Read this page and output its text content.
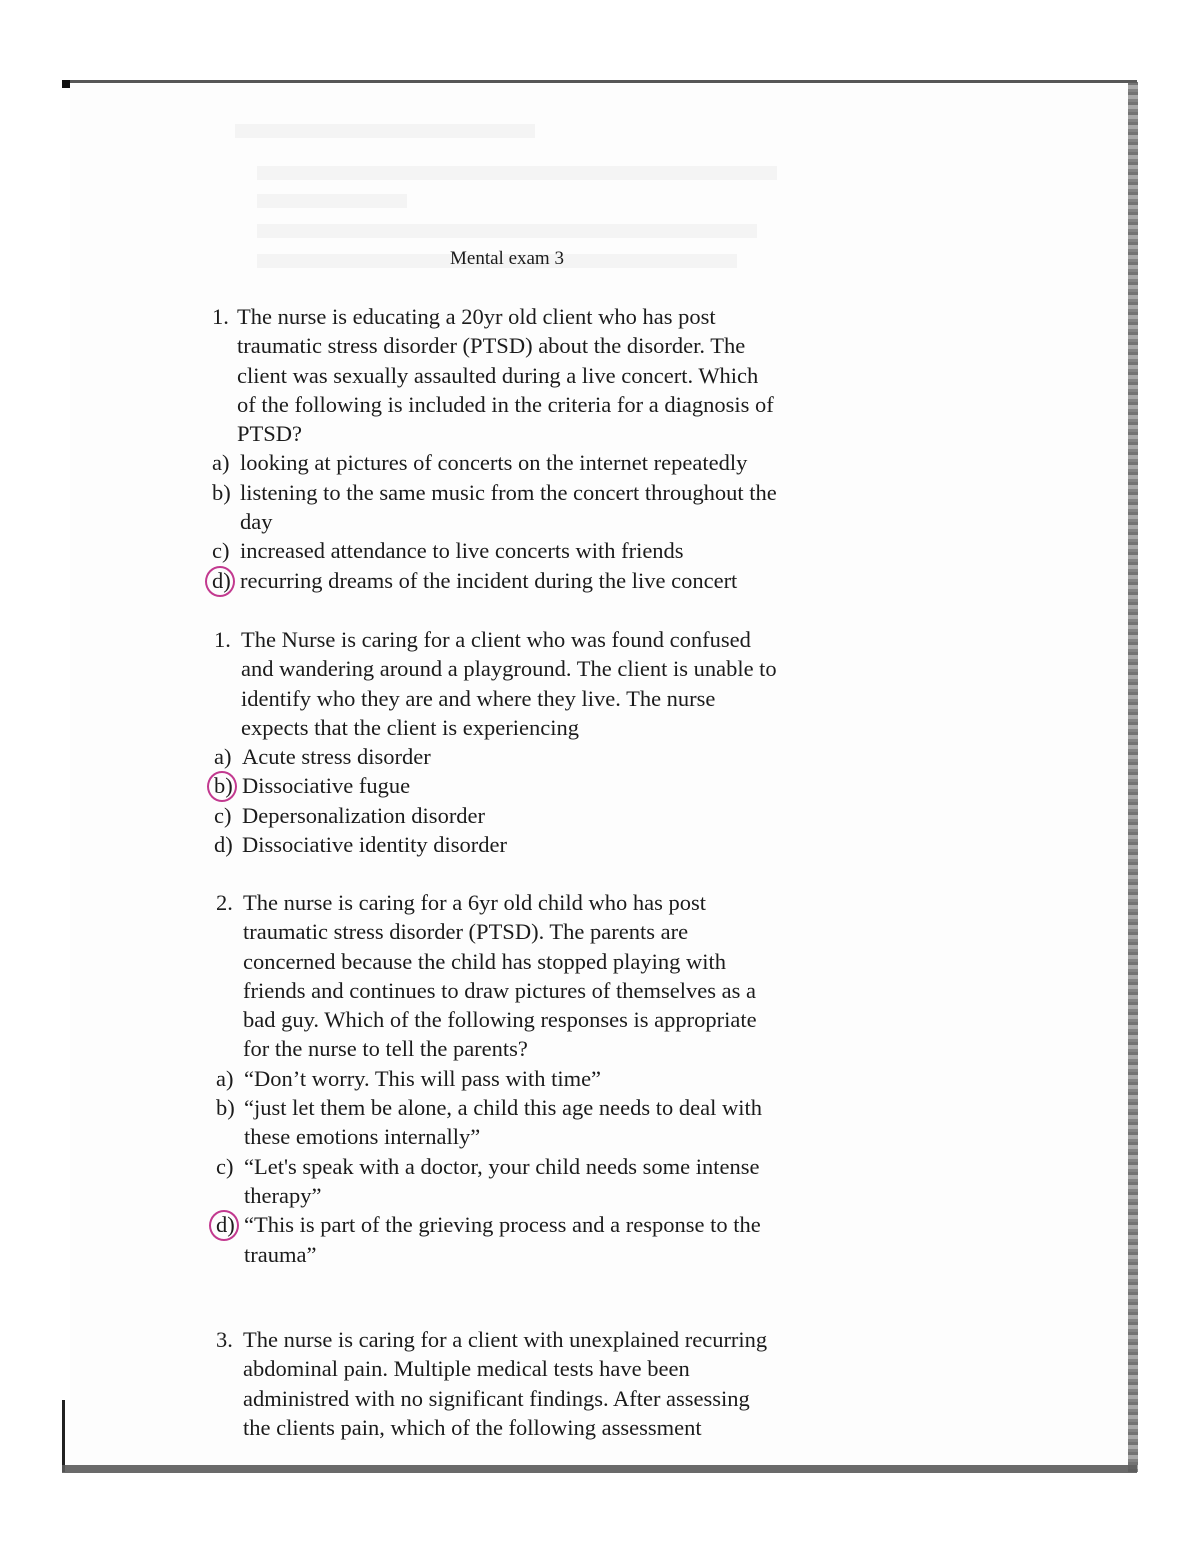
Mental exam 3
1. The nurse is educating a 20yr old client who has post
traumatic stress disorder (PTSD) about the disorder. The
client was sexually assaulted during a live concert. Which
of the following is included in the criteria for a diagnosis of
PTSD?
a) looking at pictures of concerts on the internet repeatedly
b) listening to the same music from the concert throughout the
day
c) increased attendance to live concerts with friends
d) recurring dreams of the incident during the live concert
1. The Nurse is caring for a client who was found confused
and wandering around a playground. The client is unable to
identify who they are and where they live. The nurse
expects that the client is experiencing
a) Acute stress disorder
b) Dissociative fugue
c) Depersonalization disorder
d) Dissociative identity disorder
2. The nurse is caring for a 6yr old child who has post
traumatic stress disorder (PTSD). The parents are
concerned because the child has stopped playing with
friends and continues to draw pictures of themselves as a
bad guy. Which of the following responses is appropriate
for the nurse to tell the parents?
a) “Don’t worry. This will pass with time”
b) “just let them be alone, a child this age needs to deal with
these emotions internally”
c) “Let's speak with a doctor, your child needs some intense
therapy”
d) “This is part of the grieving process and a response to the
trauma”
3. The nurse is caring for a client with unexplained recurring
abdominal pain. Multiple medical tests have been
administred with no significant findings. After assessing
the clients pain, which of the following assessment
